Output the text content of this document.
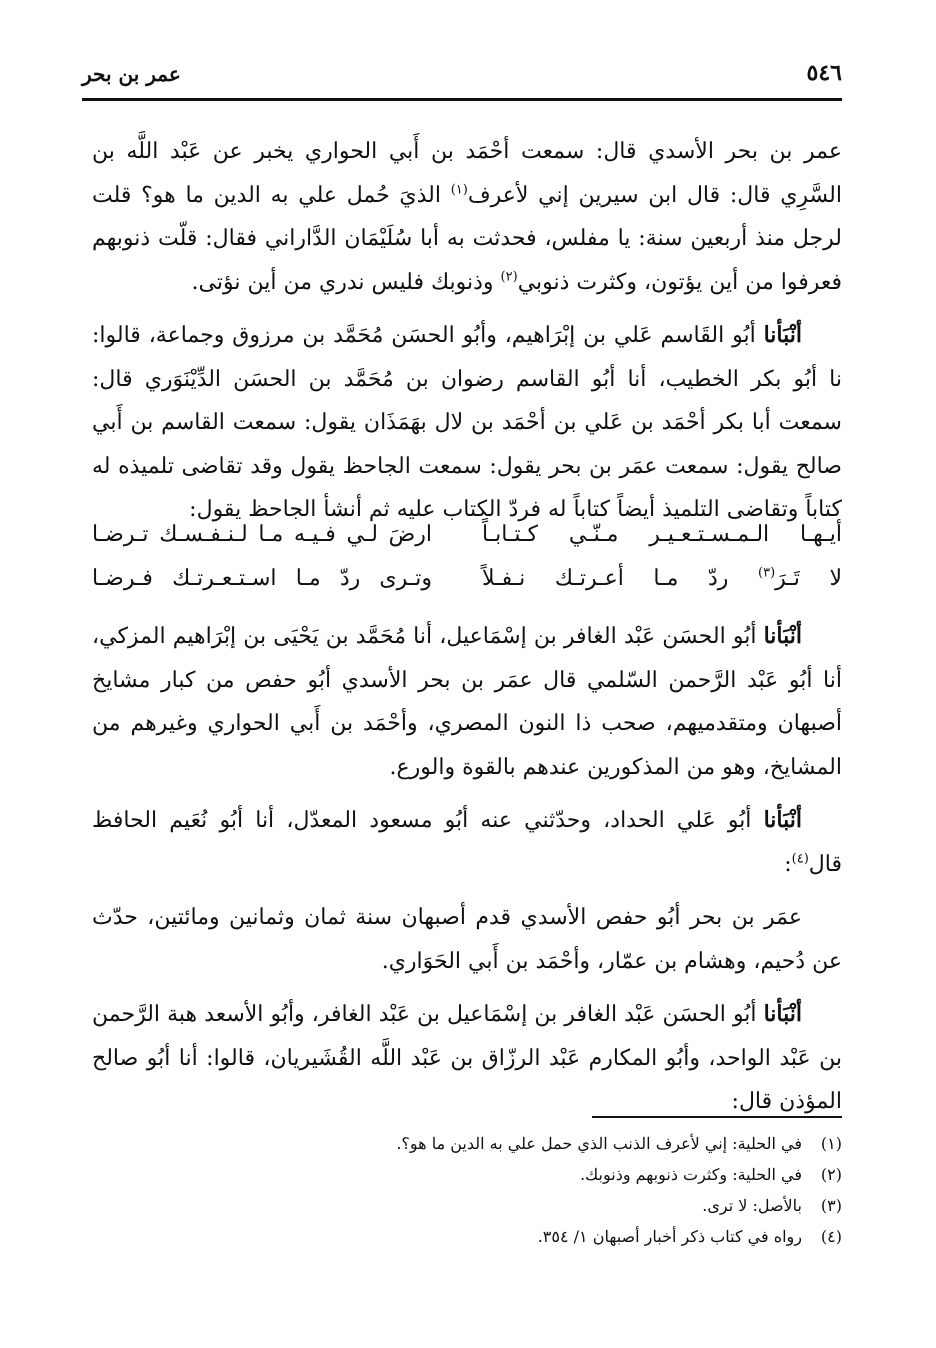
٥٤٦
عمر بن بحر

عمر بن بحر الأسدي قال: سمعت أحْمَد بن أَبي الحواري يخبر عن عَبْد اللَّه بن السَّرِي قال: قال ابن سيرين إني لأعرف$^{(١)}$ الذيَ حُمل علي به الدين ما هو؟ قلت لرجل منذ أربعين سنة: يا مفلس، فحدثت به أبا سُلَيْمَان الدَّاراني فقال: قلّت ذنوبهم فعرفوا من أين يؤتون، وكثرت ذنوبي$^{(٢)}$ وذنوبك فليس ندري من أين نؤتى.

أنْبَأنا أبُو القَاسم عَلي بن إبْرَاهيم، وأبُو الحسَن مُحَمَّد بن مرزوق وجماعة، قالوا: نا أبُو بكر الخطيب، أنا أبُو القاسم رضوان بن مُحَمَّد بن الحسَن الدِّيْنَوَري قال: سمعت أبا بكر أحْمَد بن عَلي بن أحْمَد بن لال بهَمَذَان يقول: سمعت القاسم بن أَبي صالح يقول: سمعت عمَر بن بحر يقول: سمعت الجاحظ يقول وقد تقاضى تلميذه له كتاباً وتقاضى التلميذ أيضاً كتاباً له فردّ الكتاب عليه ثم أنشأ الجاحظ يقول:

أيـهـا الـمـسـتـعـيـر مـنّـي كـتـابـاً
ارضَ لـي فـيـه مـا لـنـفـسـك تـرضـا
لا تَـرَ$^{(٣)}$ ردّ مـا أعـرتـك نـفـلاً
وتـرى ردّ مـا اسـتـعـرتـك فـرضـا

أنْبَأنا أبُو الحسَن عَبْد الغافر بن إسْمَاعيل، أنا مُحَمَّد بن يَحْيَى بن إبْرَاهيم المزكي، أنا أبُو عَبْد الرَّحمن السّلمي قال عمَر بن بحر الأسدي أبُو حفص من كبار مشايخ أصبهان ومتقدميهم، صحب ذا النون المصري، وأحْمَد بن أَبي الحواري وغيرهم من المشايخ، وهو من المذكورين عندهم بالقوة والورع.

أنْبَأنا أبُو عَلي الحداد، وحدّثني عنه أبُو مسعود المعدّل، أنا أبُو نُعَيم الحافظ قال$^{(٤)}$:

عمَر بن بحر أبُو حفص الأسدي قدم أصبهان سنة ثمان وثمانين ومائتين، حدّث عن دُحيم، وهشام بن عمّار، وأحْمَد بن أَبي الحَوَاري.

أنْبَأنا أبُو الحسَن عَبْد الغافر بن إسْمَاعيل بن عَبْد الغافر، وأبُو الأسعد هبة الرَّحمن بن عَبْد الواحد، وأبُو المكارم عَبْد الرزّاق بن عَبْد اللَّه القُشَيريان، قالوا: أنا أبُو صالح المؤذن قال:

(١)
في الحلية: إني لأعرف الذنب الذي حمل علي به الدين ما هو؟.
(٢)
في الحلية: وكثرت ذنوبهم وذنوبك.
(٣)
بالأصل: لا ترى.
(٤)
رواه في كتاب ذكر أخبار أصبهان ١/ ٣٥٤.
